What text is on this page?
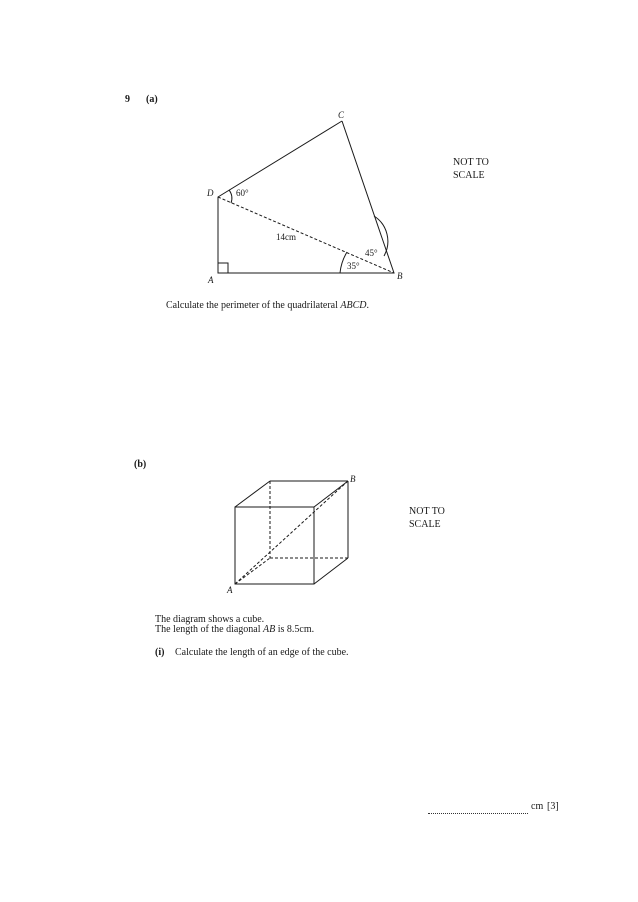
9 (a)
C
D
A	B
60°
14cm
45°
35°
NOT TO
SCALE
Calculate the perimeter of the quadrilateral ABCD.
(b)
A
B
NOT TO
SCALE
The diagram shows a cube.
The length of the diagonal AB is 8.5cm.
(i) Calculate the length of an edge of the cube.
cm [3]
